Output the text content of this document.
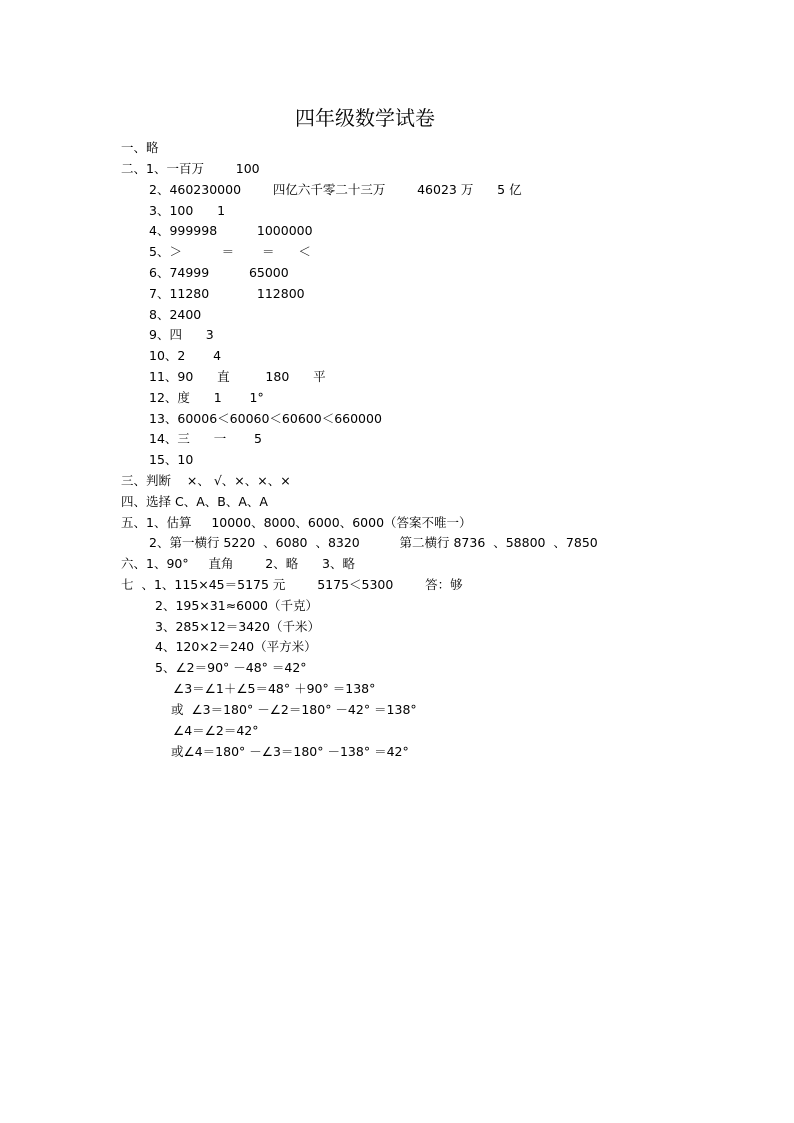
四年级数学试卷
一、略
二、1、一百万        100
2、460230000        四亿六千零二十三万        46023 万      5 亿
3、100      1
4、999998          1000000
5、＞          ＝       ＝      ＜
6、74999          65000
7、11280            112800
8、2400
9、四      3
10、2       4
11、90      直         180      平
12、度      1       1°
13、60006＜60060＜60600＜660000
14、三      一       5
15、10
三、判断    ×、 √、×、×、×
四、选择 C、A、B、A、A
五、1、估算     10000、8000、6000、6000（答案不唯一）
2、第一横行 5220  、6080  、8320          第二横行 8736  、58800  、7850
六、1、90°     直角        2、略      3、略
七  、1、115×45＝5175 元        5175＜5300        答：够
2、195×31≈6000（千克）
3、285×12＝3420（千米）
4、120×2＝240（平方米）
5、∠2＝90° －48° ＝42°
∠3＝∠1＋∠5＝48° ＋90° ＝138°
或  ∠3＝180° －∠2＝180° －42° ＝138°
∠4＝∠2＝42°
或∠4＝180° －∠3＝180° －138° ＝42°
